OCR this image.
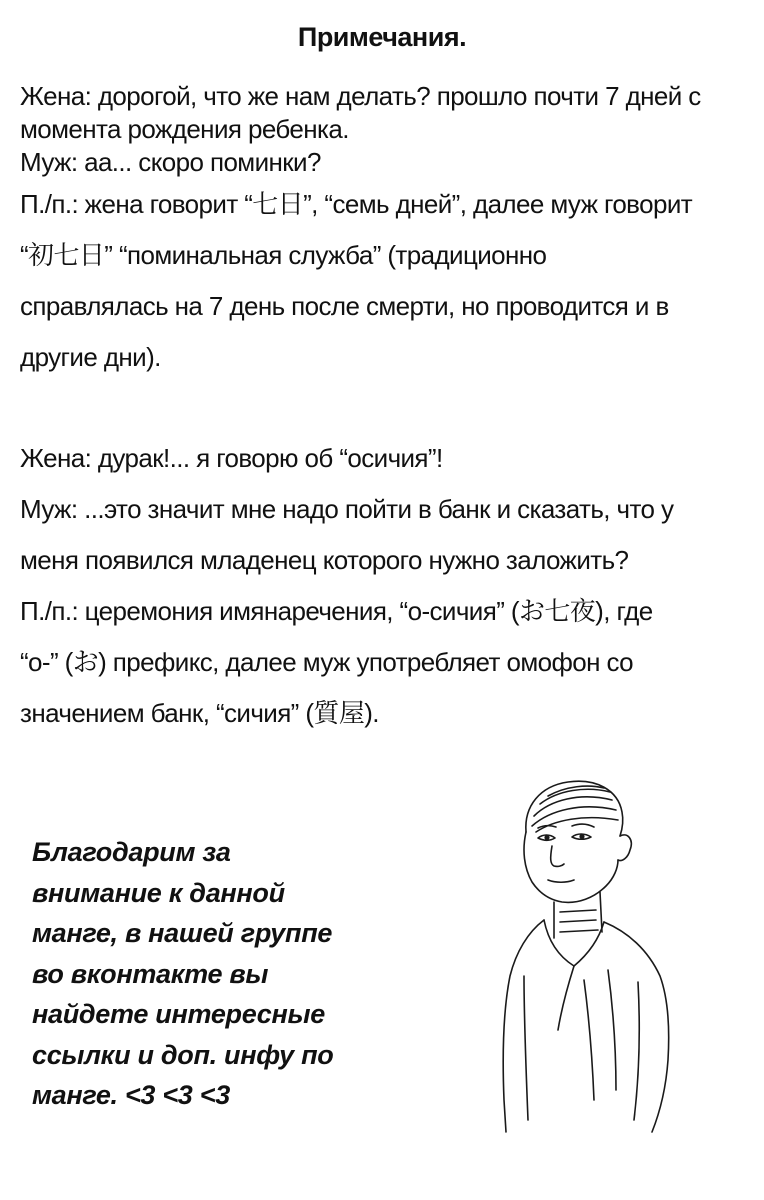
Примечания.

Жена: дорогой, что же нам делать? прошло почти 7 дней с

момента рождения ребенка.

Муж: аа... скоро поминки?

П./п.: жена говорит “七日”, “семь дней”, далее муж говорит

“初七日” “поминальная служба” (традиционно

справлялась на 7 день после смерти, но проводится и в

другие дни).

Жена: дурак!... я говорю об “осичия”!

Муж: ...это значит мне надо пойти в банк и сказать, что у

меня появился младенец которого нужно заложить?

П./п.: церемония имянаречения, “о-сичия” (お七夜), где

“о-” (お) префикс, далее муж употребляет омофон со

значением банк, “сичия” (質屋).

Благодарим за
внимание к данной
манге, в нашей группе
во вконтакте вы
найдете интересные
ссылки и доп. инфу по
манге. <3 <3 <3
